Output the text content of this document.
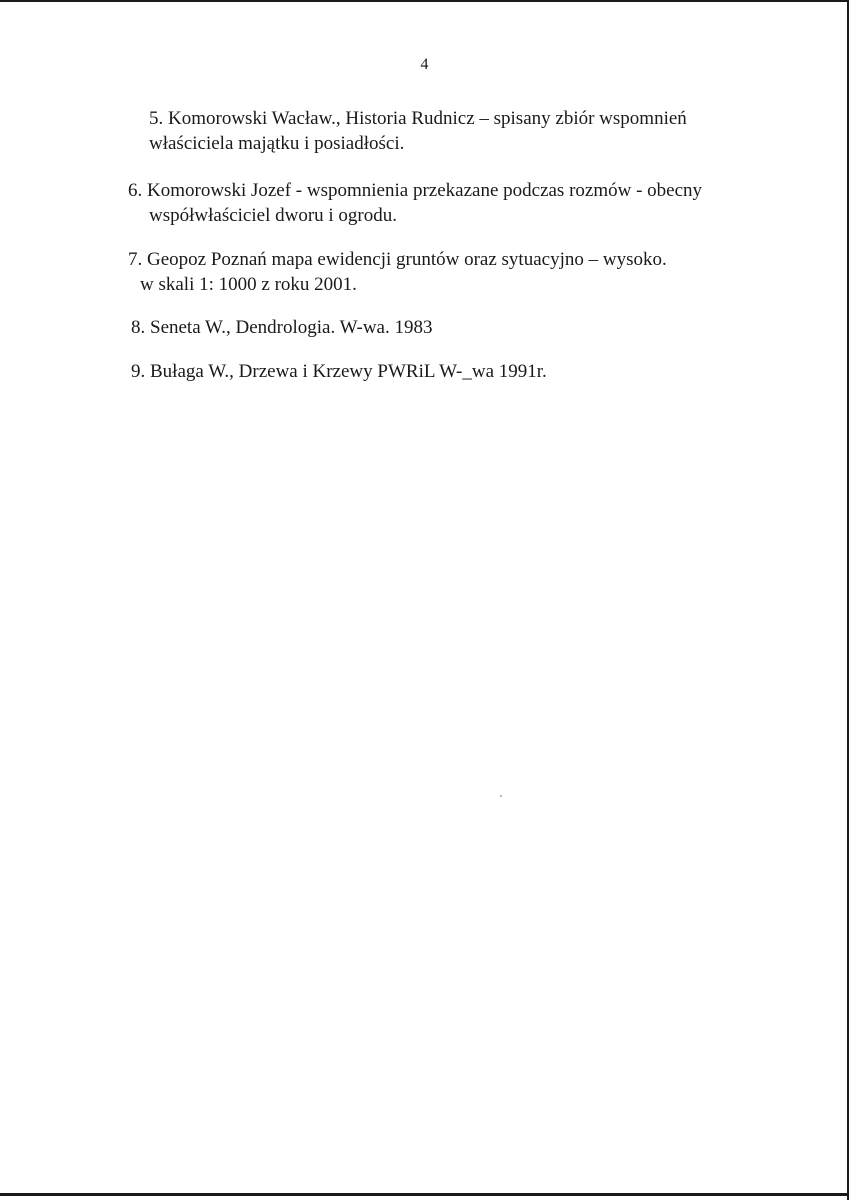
4
5. Komorowski Wacław., Historia Rudnicz – spisany zbiór wspomnień
właściciela majątku i posiadłości.
6. Komorowski Jozef - wspomnienia przekazane podczas rozmów - obecny
współwłaściciel dworu i ogrodu.
7. Geopoz Poznań mapa ewidencji gruntów oraz sytuacyjno – wysoko.
w skali 1: 1000 z roku 2001.
8. Seneta W., Dendrologia. W-wa. 1983
9. Bułaga W., Drzewa i Krzewy PWRiL W-_wa 1991r.
